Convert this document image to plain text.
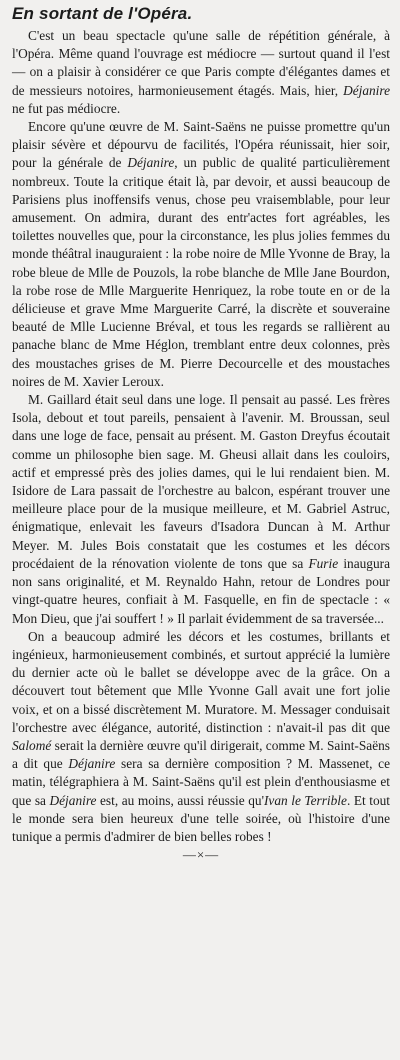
En sortant de l'Opéra.

C'est un beau spectacle qu'une salle de répétition générale, à l'Opéra. Même quand l'ouvrage est médiocre — surtout quand il l'est — on a plaisir à considérer ce que Paris compte d'élégantes dames et de messieurs notoires, harmonieusement étagés. Mais, hier, Déjanire ne fut pas médiocre.

Encore qu'une œuvre de M. Saint-Saëns ne puisse promettre qu'un plaisir sévère et dépourvu de facilités, l'Opéra réunissait, hier soir, pour la générale de Déjanire, un public de qualité particulièrement nombreux. Toute la critique était là, par devoir, et aussi beaucoup de Parisiens plus inoffensifs venus, chose peu vraisemblable, pour leur amusement. On admira, durant des entr'actes fort agréables, les toilettes nouvelles que, pour la circonstance, les plus jolies femmes du monde théâtral inauguraient : la robe noire de Mlle Yvonne de Bray, la robe bleue de Mlle de Pouzols, la robe blanche de Mlle Jane Bourdon, la robe rose de Mlle Marguerite Henriquez, la robe toute en or de la délicieuse et grave Mme Marguerite Carré, la discrète et souveraine beauté de Mlle Lucienne Bréval, et tous les regards se rallièrent au panache blanc de Mme Héglon, tremblant entre deux colonnes, près des moustaches grises de M. Pierre Decourcelle et des moustaches noires de M. Xavier Leroux.

M. Gaillard était seul dans une loge. Il pensait au passé. Les frères Isola, debout et tout pareils, pensaient à l'avenir. M. Broussan, seul dans une loge de face, pensait au présent. M. Gaston Dreyfus écoutait comme un philosophe bien sage. M. Gheusi allait dans les couloirs, actif et empressé près des jolies dames, qui le lui rendaient bien. M. Isidore de Lara passait de l'orchestre au balcon, espérant trouver une meilleure place pour de la musique meilleure, et M. Gabriel Astruc, énigmatique, enlevait les faveurs d'Isadora Duncan à M. Arthur Meyer. M. Jules Bois constatait que les costumes et les décors procédaient de la rénovation violente de tons que sa Furie inaugura non sans originalité, et M. Reynaldo Hahn, retour de Londres pour vingt-quatre heures, confiait à M. Fasquelle, en fin de spectacle : « Mon Dieu, que j'ai souffert ! » Il parlait évidemment de sa traversée...

On a beaucoup admiré les décors et les costumes, brillants et ingénieux, harmonieusement combinés, et surtout apprécié la lumière du dernier acte où le ballet se développe avec de la grâce. On a découvert tout bêtement que Mlle Yvonne Gall avait une fort jolie voix, et on a bissé discrètement M. Muratore. M. Messager conduisait l'orchestre avec élégance, autorité, distinction : n'avait-il pas dit que Salomé serait la dernière œuvre qu'il dirigerait, comme M. Saint-Saëns a dit que Déjanire sera sa dernière composition ? M. Massenet, ce matin, télégraphiera à M. Saint-Saëns qu'il est plein d'enthousiasme et que sa Déjanire est, au moins, aussi réussie qu'Ivan le Terrible. Et tout le monde sera bien heureux d'une telle soirée, où l'histoire d'une tunique a permis d'admirer de bien belles robes !

—×—
